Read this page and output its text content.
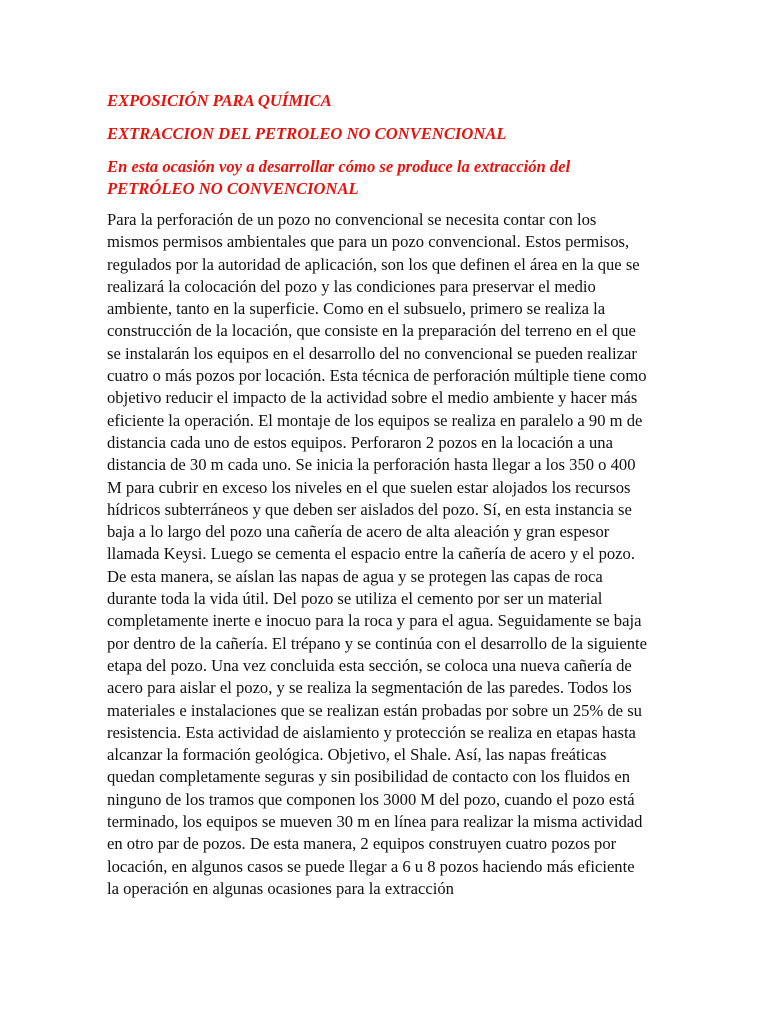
EXPOSICIÓN PARA QUÍMICA

EXTRACCION DEL PETROLEO NO CONVENCIONAL

En esta ocasión voy a desarrollar cómo se produce la extracción del PETRÓLEO NO CONVENCIONAL

Para la perforación de un pozo no convencional se necesita contar con los mismos permisos ambientales que para un pozo convencional. Estos permisos, regulados por la autoridad de aplicación, son los que definen el área en la que se realizará la colocación del pozo y las condiciones para preservar el medio ambiente, tanto en la superficie. Como en el subsuelo, primero se realiza la construcción de la locación, que consiste en la preparación del terreno en el que se instalarán los equipos en el desarrollo del no convencional se pueden realizar cuatro o más pozos por locación. Esta técnica de perforación múltiple tiene como objetivo reducir el impacto de la actividad sobre el medio ambiente y hacer más eficiente la operación. El montaje de los equipos se realiza en paralelo a 90 m de distancia cada uno de estos equipos. Perforaron 2 pozos en la locación a una distancia de 30 m cada uno. Se inicia la perforación hasta llegar a los 350 o 400 M para cubrir en exceso los niveles en el que suelen estar alojados los recursos hídricos subterráneos y que deben ser aislados del pozo. Sí, en esta instancia se baja a lo largo del pozo una cañería de acero de alta aleación y gran espesor llamada Keysi. Luego se cementa el espacio entre la cañería de acero y el pozo. De esta manera, se aíslan las napas de agua y se protegen las capas de roca durante toda la vida útil. Del pozo se utiliza el cemento por ser un material completamente inerte e inocuo para la roca y para el agua. Seguidamente se baja por dentro de la cañería. El trépano y se continúa con el desarrollo de la siguiente etapa del pozo. Una vez concluida esta sección, se coloca una nueva cañería de acero para aislar el pozo, y se realiza la segmentación de las paredes. Todos los materiales e instalaciones que se realizan están probadas por sobre un 25% de su resistencia. Esta actividad de aislamiento y protección se realiza en etapas hasta alcanzar la formación geológica. Objetivo, el Shale. Así, las napas freáticas quedan completamente seguras y sin posibilidad de contacto con los fluidos en ninguno de los tramos que componen los 3000 M del pozo, cuando el pozo está terminado, los equipos se mueven 30 m en línea para realizar la misma actividad en otro par de pozos. De esta manera, 2 equipos construyen cuatro pozos por locación, en algunos casos se puede llegar a 6 u 8 pozos haciendo más eficiente la operación en algunas ocasiones para la extracción
